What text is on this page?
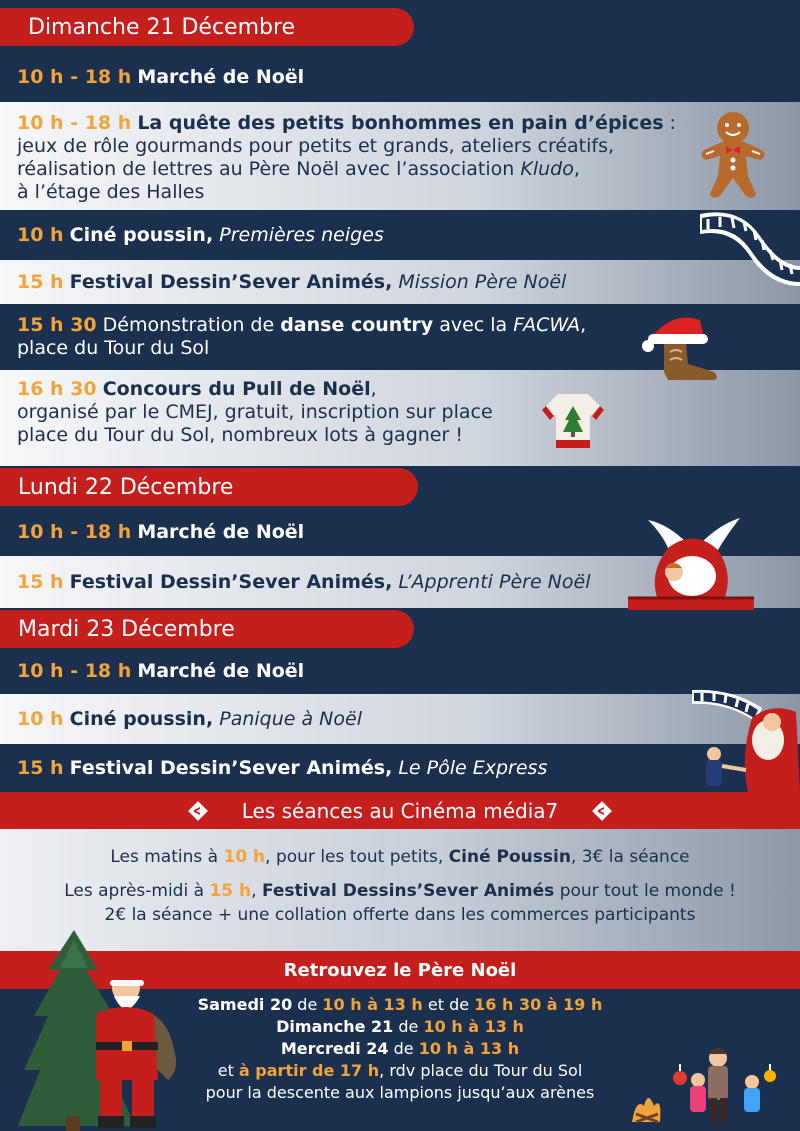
Dimanche 21 Décembre
10 h - 18 h
Marché de Noël
10 h - 18 h La quête des petits bonhommes en pain d’épices :
jeux de rôle gourmands pour petits et grands, ateliers créatifs,
réalisation de lettres au Père Noël avec l’association Kludo,
à l’étage des Halles
10 h
Ciné poussin,
Premières neiges
15 h
Festival Dessin’Sever Animés,
Mission Père Noël
15 h 30 Démonstration de danse country avec la FACWA,
place du Tour du Sol
16 h 30 Concours du Pull de Noël,
organisé par le CMEJ, gratuit, inscription sur place
place du Tour du Sol, nombreux lots à gagner !
Lundi 22 Décembre
10 h - 18 h
Marché de Noël
15 h
Festival Dessin’Sever Animés,
L’Apprenti Père Noël
Mardi 23 Décembre
10 h - 18 h
Marché de Noël
10 h
Ciné poussin,
Panique à Noël
15 h
Festival Dessin’Sever Animés,
Le Pôle Express
Les séances au Cinéma média7
Les matins à 10 h, pour les tout petits, Ciné Poussin, 3€ la séance
Les après-midi à 15 h, Festival Dessins’Sever Animés pour tout le monde !
2€ la séance + une collation offerte dans les commerces participants
Retrouvez le Père Noël
Samedi 20 de 10 h à 13 h et de 16 h 30 à 19 h
Dimanche 21 de 10 h à 13 h
Mercredi 24 de 10 h à 13 h
et à partir de 17 h, rdv place du Tour du Sol
pour la descente aux lampions jusqu’aux arènes
